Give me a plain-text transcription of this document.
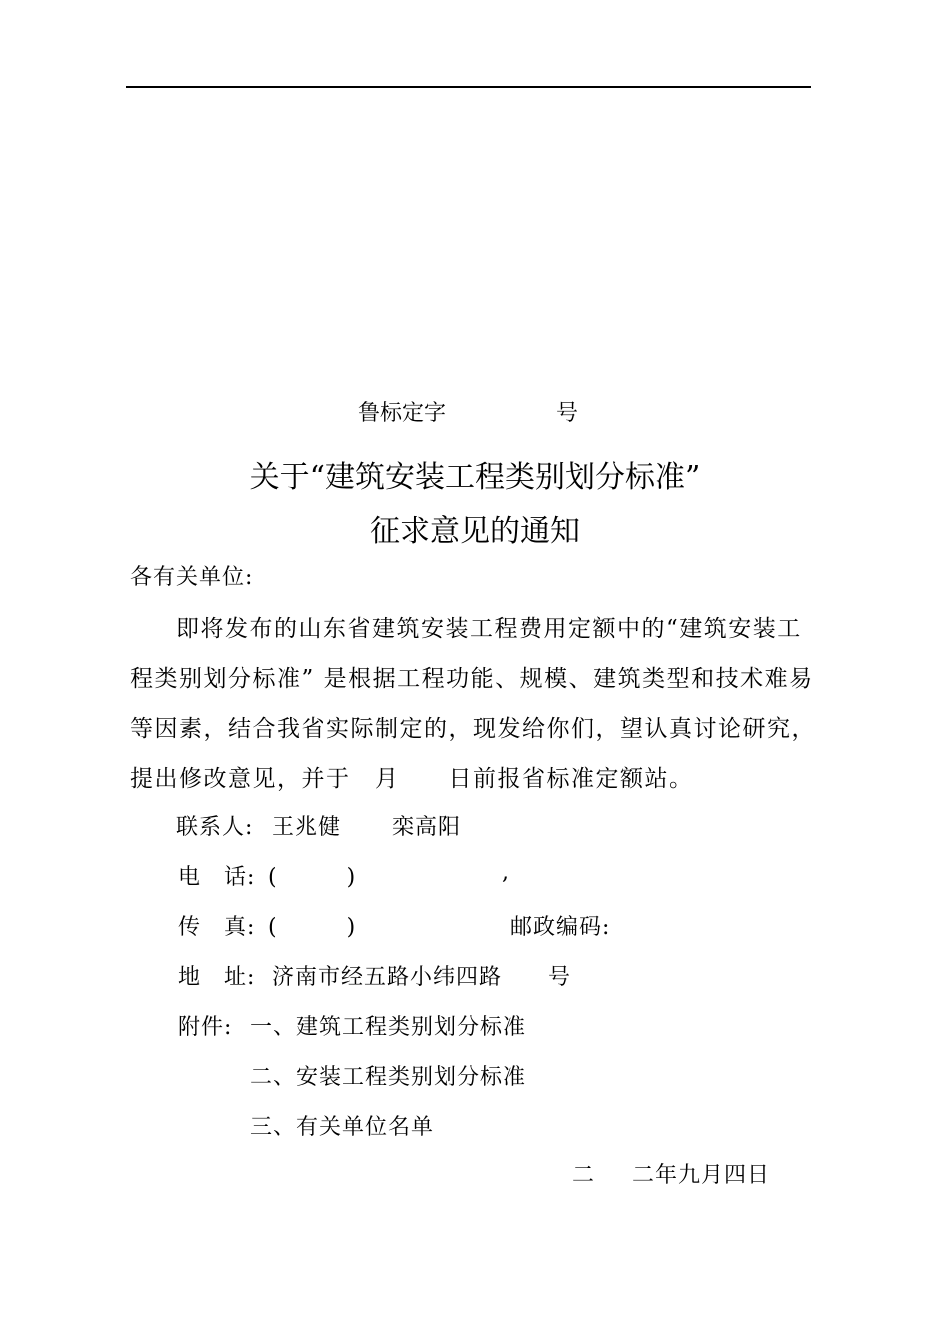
鲁标定字	号
关于“建筑安装工程类别划分标准”
征求意见的通知
各有关单位:
即将发布的山东省建筑安装工程费用定额中的“建筑安装工
程类别划分标准” 是根据工程功能、规模、建筑类型和技术难易
等因素，结合我省实际制定的，现发给你们，望认真讨论研究，
提出修改意见，并于　月　　日前报省标准定额站。
联系人: 王兆健 栾高阳
电　话: (　　　)	,
传　真: (　　　)	邮政编码:
地　址: 济南市经五路小纬四路 号
附件: 一、建筑工程类别划分标准
二、安装工程类别划分标准
三、有关单位名单
二 二年九月四日
